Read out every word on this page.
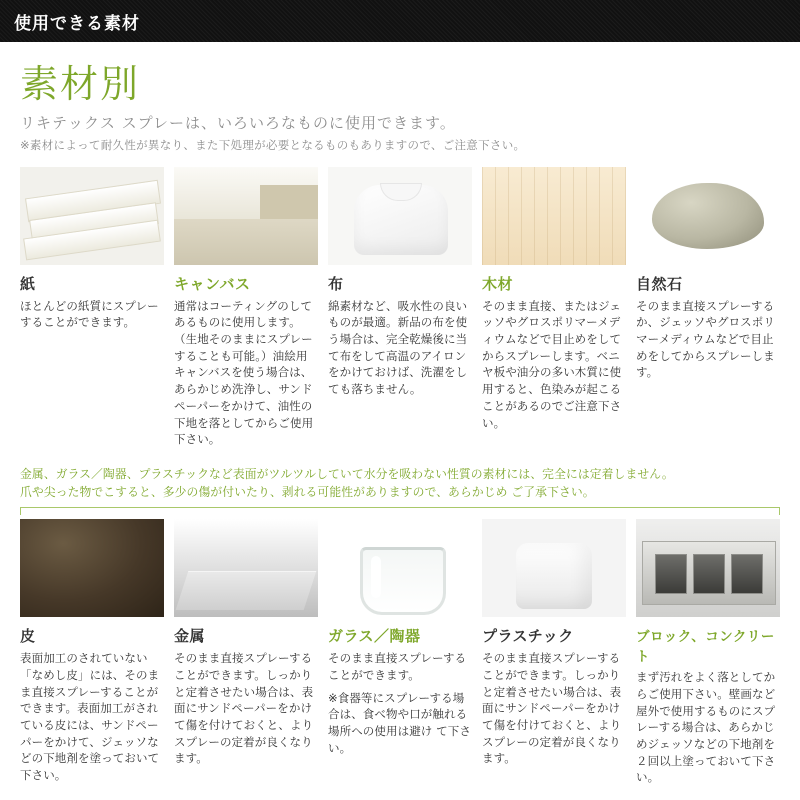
使用できる素材
素材別
リキテックス スプレーは、いろいろなものに使用できます。
※素材によって耐久性が異なり、また下処理が必要となるものもありますので、ご注意下さい。
紙
ほとんどの紙質にスプレーすることができます。
キャンバス
通常はコーティングのしてあるものに使用します。（生地そのままにスプレーすることも可能。）油絵用キャンバスを使う場合は、あらかじめ洗浄し、サンドペーパーをかけて、油性の下地を落としてからご使用下さい。
布
綿素材など、吸水性の良いものが最適。新品の布を使う場合は、完全乾燥後に当て布をして高温のアイロンをかけておけば、洗濯をしても落ちません。
木材
そのまま直接、またはジェッソやグロスポリマーメディウムなどで目止めをしてからスプレーします。ベニヤ板や油分の多い木質に使用すると、色染みが起こることがあるのでご注意下さい。
自然石
そのまま直接スプレーするか、ジェッソやグロスポリマーメディウムなどで目止めをしてからスプレーします。
金属、ガラス／陶器、プラスチックなど表面がツルツルしていて水分を吸わない性質の素材には、完全には定着しません。
爪や尖った物でこすると、多少の傷が付いたり、剥れる可能性がありますので、あらかじめ ご了承下さい。
皮
表面加工のされていない「なめし皮」には、そのまま直接スプレーすることができます。表面加工がされている皮には、サンドペーパーをかけて、ジェッソなどの下地剤を塗っておいて下さい。
金属
そのまま直接スプレーすることができます。しっかりと定着させたい場合は、表面にサンドペーパーをかけて傷を付けておくと、よりスプレーの定着が良くなります。
ガラス／陶器
そのまま直接スプレーすることができます。
※食器等にスプレーする場合は、食べ物や口が触れる場所への使用は避け て下さい。
プラスチック
そのまま直接スプレーすることができます。しっかりと定着させたい場合は、表面にサンドペーパーをかけて傷を付けておくと、よりスプレーの定着が良くなります。
ブロック、コンクリート
まず汚れをよく落としてからご使用下さい。壁画など屋外で使用するものにスプレーする場合は、あらかじめジェッソなどの下地剤を２回以上塗っておいて下さい。
